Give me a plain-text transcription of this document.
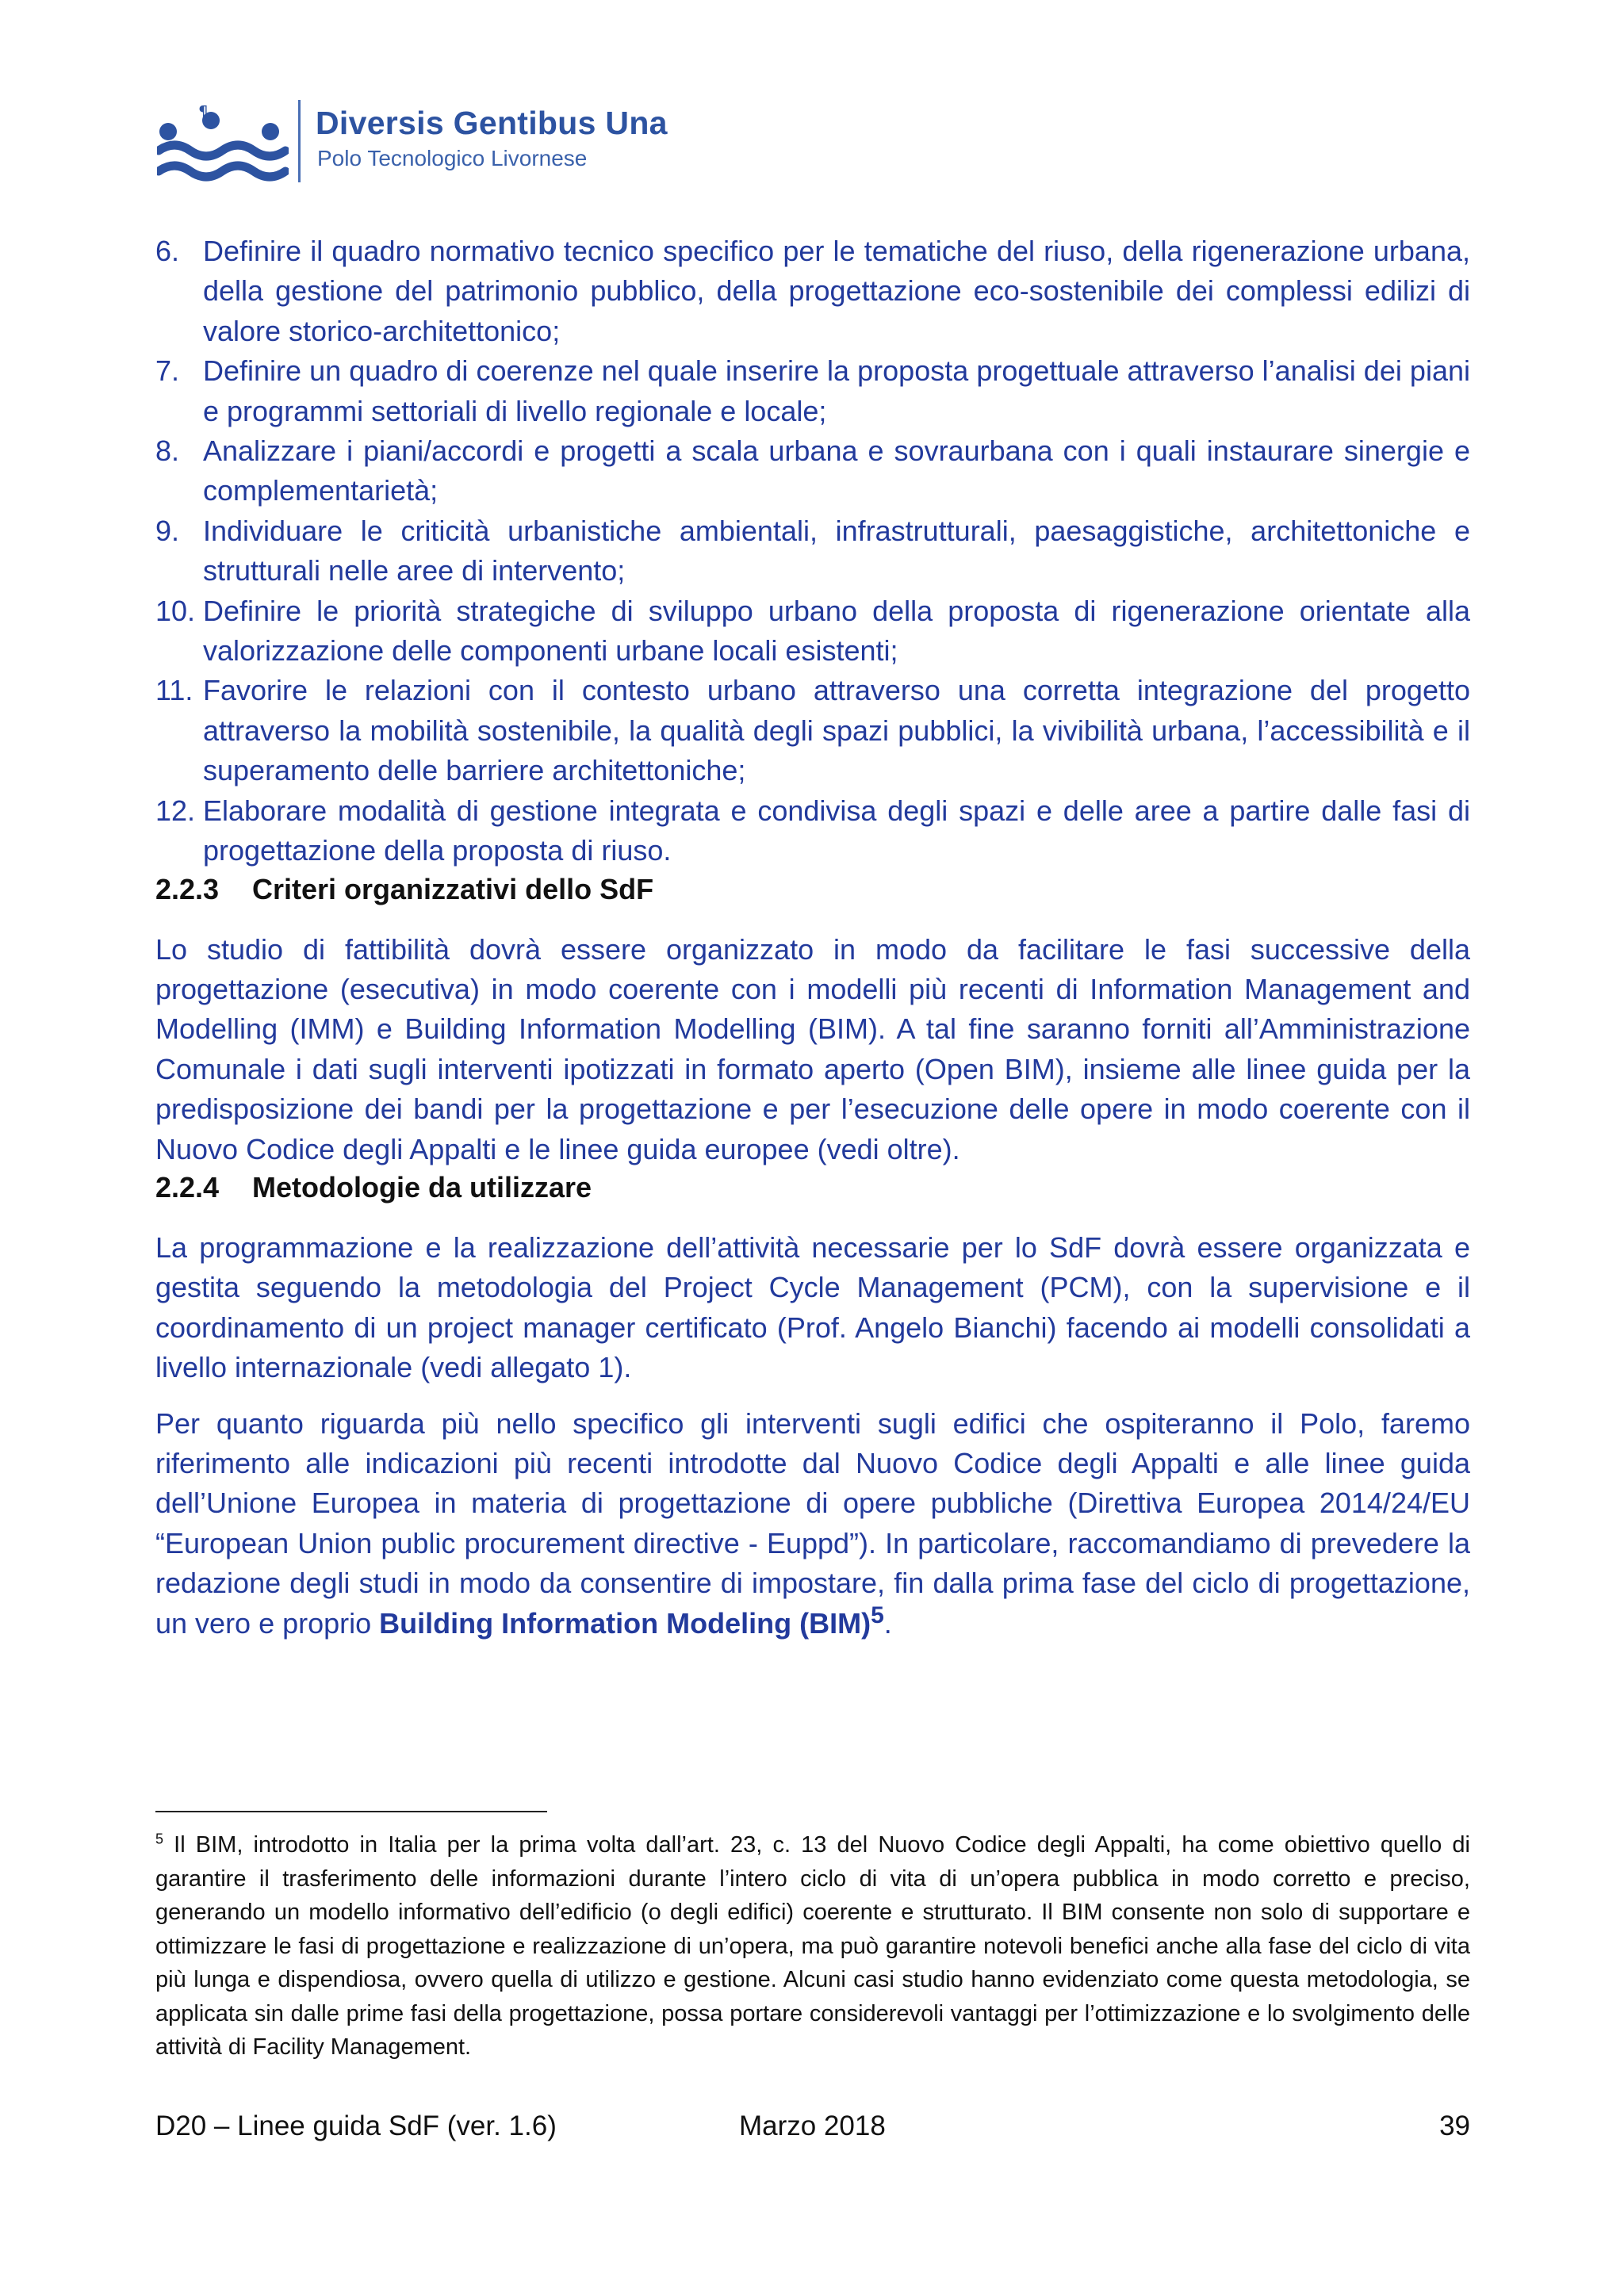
¶	Diversis Gentibus Una
Polo Tecnologico Livornese
6. Definire il quadro normativo tecnico specifico per le tematiche del riuso, della rigenerazione urbana, della gestione del patrimonio pubblico, della progettazione eco-sostenibile dei complessi edilizi di valore storico-architettonico;
7. Definire un quadro di coerenze nel quale inserire la proposta progettuale attraverso l’analisi dei piani e programmi settoriali di livello regionale e locale;
8. Analizzare i piani/accordi e progetti a scala urbana e sovraurbana con i quali instaurare sinergie e complementarietà;
9. Individuare le criticità urbanistiche ambientali, infrastrutturali, paesaggistiche, architettoniche e strutturali nelle aree di intervento;
10. Definire le priorità strategiche di sviluppo urbano della proposta di rigenerazione orientate alla valorizzazione delle componenti urbane locali esistenti;
11. Favorire le relazioni con il contesto urbano attraverso una corretta integrazione del progetto attraverso la mobilità sostenibile, la qualità degli spazi pubblici, la vivibilità urbana, l’accessibilità e il superamento delle barriere architettoniche;
12. Elaborare modalità di gestione integrata e condivisa degli spazi e delle aree a partire dalle fasi di progettazione della proposta di riuso.
2.2.3 Criteri organizzativi dello SdF

Lo studio di fattibilità dovrà essere organizzato in modo da facilitare le fasi successive della progettazione (esecutiva) in modo coerente con i modelli più recenti di Information Management and Modelling (IMM) e Building Information Modelling (BIM). A tal fine saranno forniti all’Amministrazione Comunale i dati sugli interventi ipotizzati in formato aperto (Open BIM), insieme alle linee guida per la predisposizione dei bandi per la progettazione e per l’esecuzione delle opere in modo coerente con il Nuovo Codice degli Appalti e le linee guida europee (vedi oltre).

2.2.4 Metodologie da utilizzare

La programmazione e la realizzazione dell’attività necessarie per lo SdF dovrà essere organizzata e gestita seguendo la metodologia del Project Cycle Management (PCM), con la supervisione e il coordinamento di un project manager certificato (Prof. Angelo Bianchi) facendo ai modelli consolidati a livello internazionale (vedi allegato 1).

Per quanto riguarda più nello specifico gli interventi sugli edifici che ospiteranno il Polo, faremo riferimento alle indicazioni più recenti introdotte dal Nuovo Codice degli Appalti e alle linee guida dell’Unione Europea in materia di progettazione di opere pubbliche (Direttiva Europea 2014/24/EU “European Union public procurement directive - Euppd”). In particolare, raccomandiamo di prevedere la redazione degli studi in modo da consentire di impostare, fin dalla prima fase del ciclo di progettazione, un vero e proprio Building Information Modeling (BIM)$^5$.

$^5$ Il BIM, introdotto in Italia per la prima volta dall’art. 23, c. 13 del Nuovo Codice degli Appalti, ha come obiettivo quello di garantire il trasferimento delle informazioni durante l’intero ciclo di vita di un’opera pubblica in modo corretto e preciso, generando un modello informativo dell’edificio (o degli edifici) coerente e strutturato. Il BIM consente non solo di supportare e ottimizzare le fasi di progettazione e realizzazione di un’opera, ma può garantire notevoli benefici anche alla fase del ciclo di vita più lunga e dispendiosa, ovvero quella di utilizzo e gestione. Alcuni casi studio hanno evidenziato come questa metodologia, se applicata sin dalle prime fasi della progettazione, possa portare considerevoli vantaggi per l’ottimizzazione e lo svolgimento delle attività di Facility Management.
D20 – Linee guida SdF (ver. 1.6)	Marzo 2018	39
